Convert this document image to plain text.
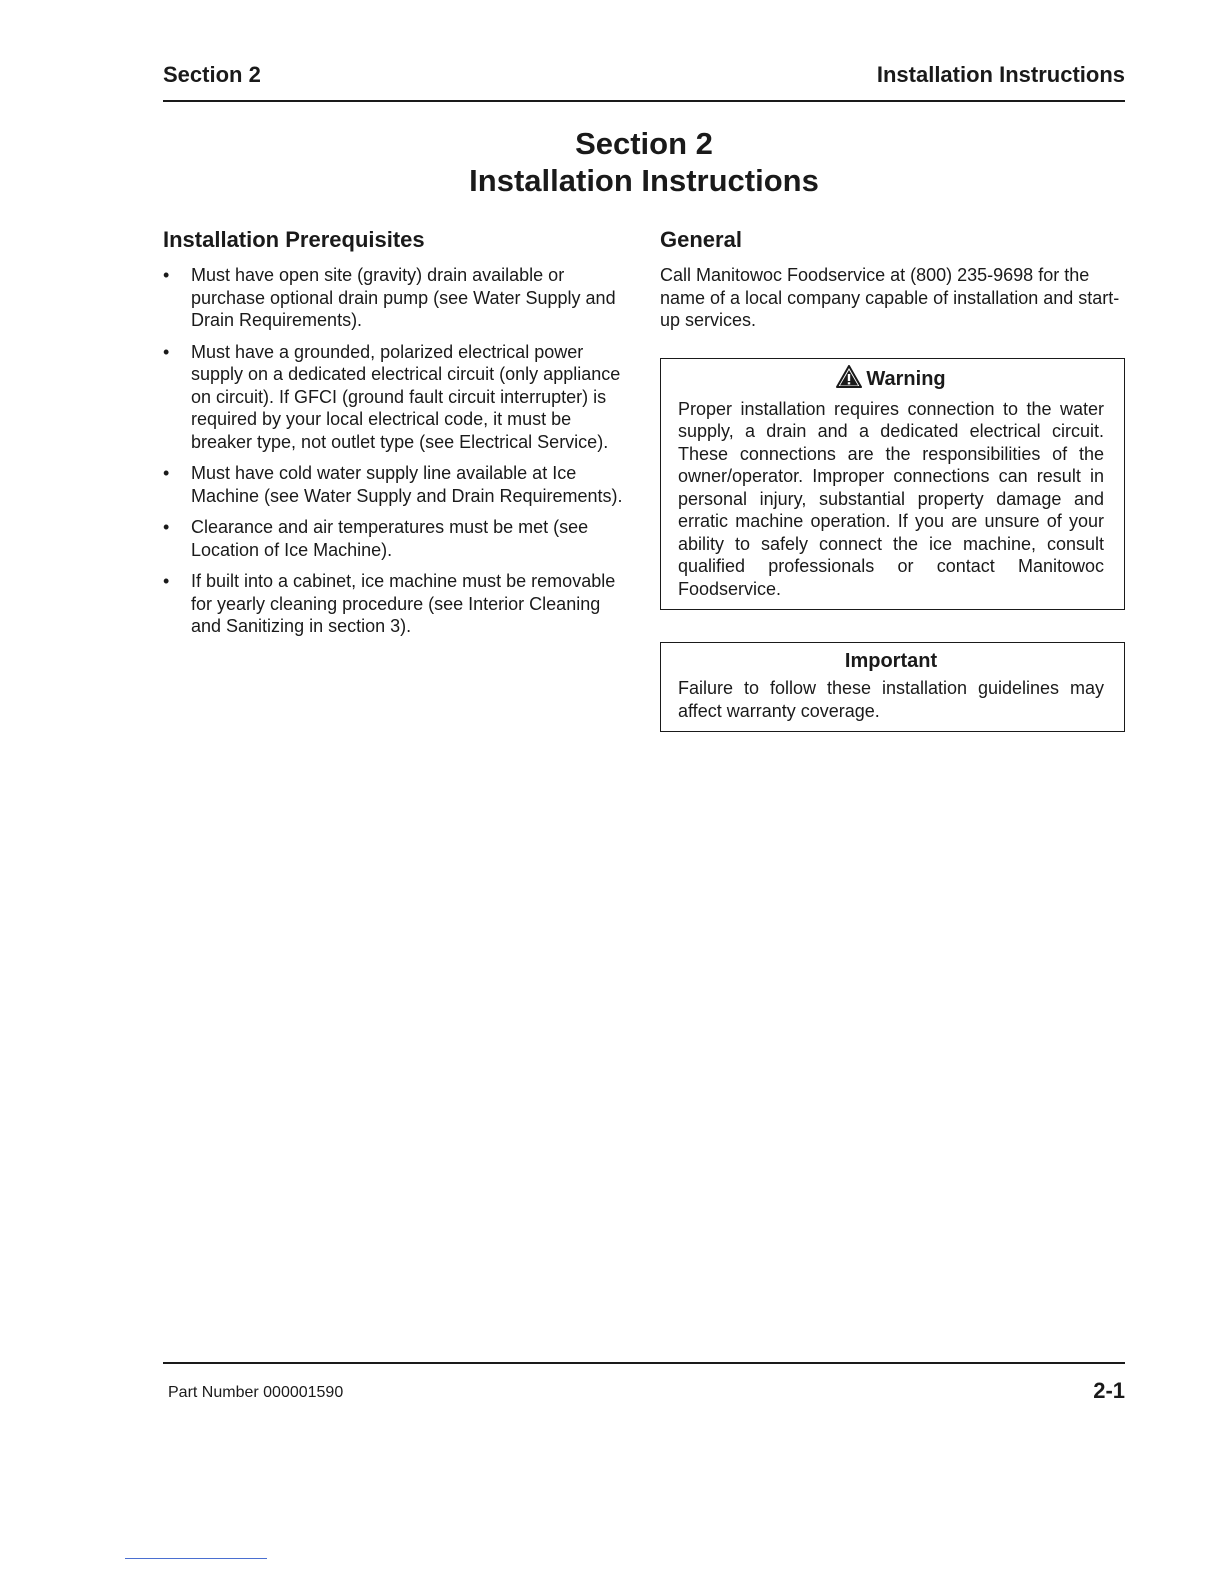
Section 2	Installation Instructions
Section 2
Installation Instructions
Installation Prerequisites
• Must have open site (gravity) drain available or purchase optional drain pump (see Water Supply and Drain Requirements).
• Must have a grounded, polarized electrical power supply on a dedicated electrical circuit (only appliance on circuit). If GFCI (ground fault circuit interrupter) is required by your local electrical code, it must be breaker type, not outlet type (see Electrical Service).
• Must have cold water supply line available at Ice Machine (see Water Supply and Drain Requirements).
• Clearance and air temperatures must be met (see Location of Ice Machine).
• If built into a cabinet, ice machine must be removable for yearly cleaning procedure (see Interior Cleaning and Sanitizing in section 3).
General

Call Manitowoc Foodservice at (800) 235-9698 for the name of a local company capable of installation and start-up services.

Warning
Proper installation requires connection to the water supply, a drain and a dedicated electrical circuit. These connections are the responsibilities of the owner/operator. Improper connections can result in personal injury, substantial property damage and erratic machine operation. If you are unsure of your ability to safely connect the ice machine, consult qualified professionals or contact Manitowoc Foodservice.
Important
Failure to follow these installation guidelines may affect warranty coverage.
Part Number 000001590	2-1
